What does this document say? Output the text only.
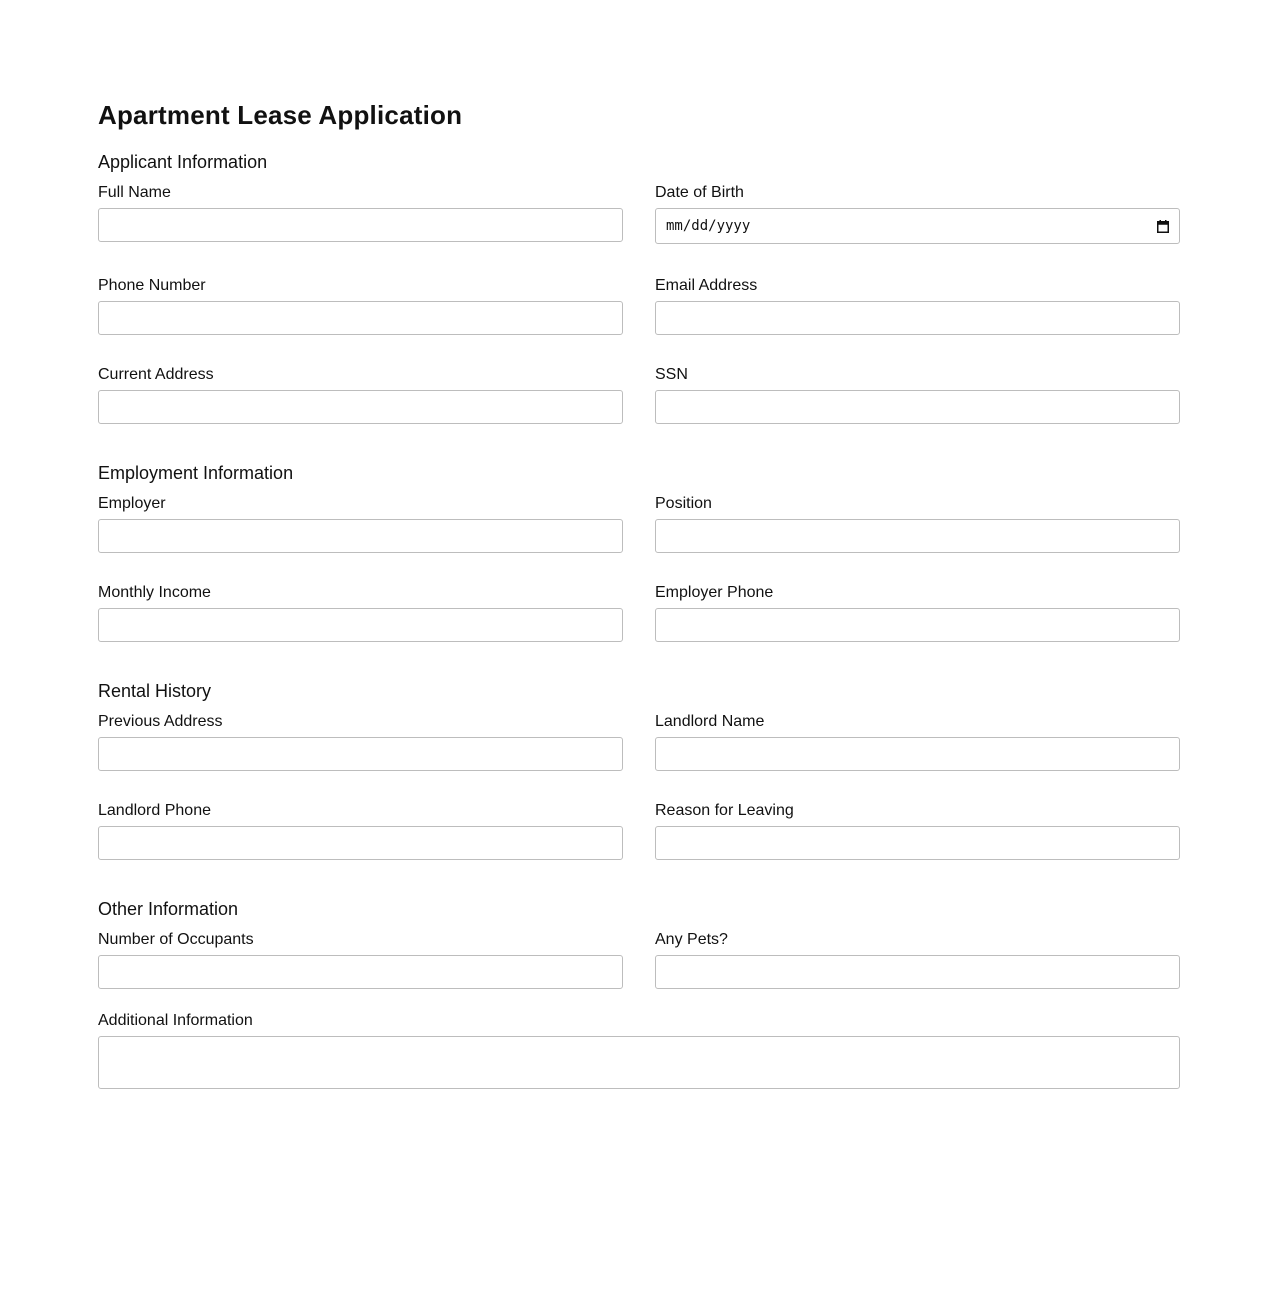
Apartment Lease Application
Applicant Information
Full Name	Date of Birth
mm/dd/yyyy
Phone Number	Email Address
Current Address	SSN
Employment Information
Employer	Position
Monthly Income	Employer Phone
Rental History
Previous Address	Landlord Name
Landlord Phone	Reason for Leaving
Other Information
Number of Occupants	Any Pets?
Additional Information
